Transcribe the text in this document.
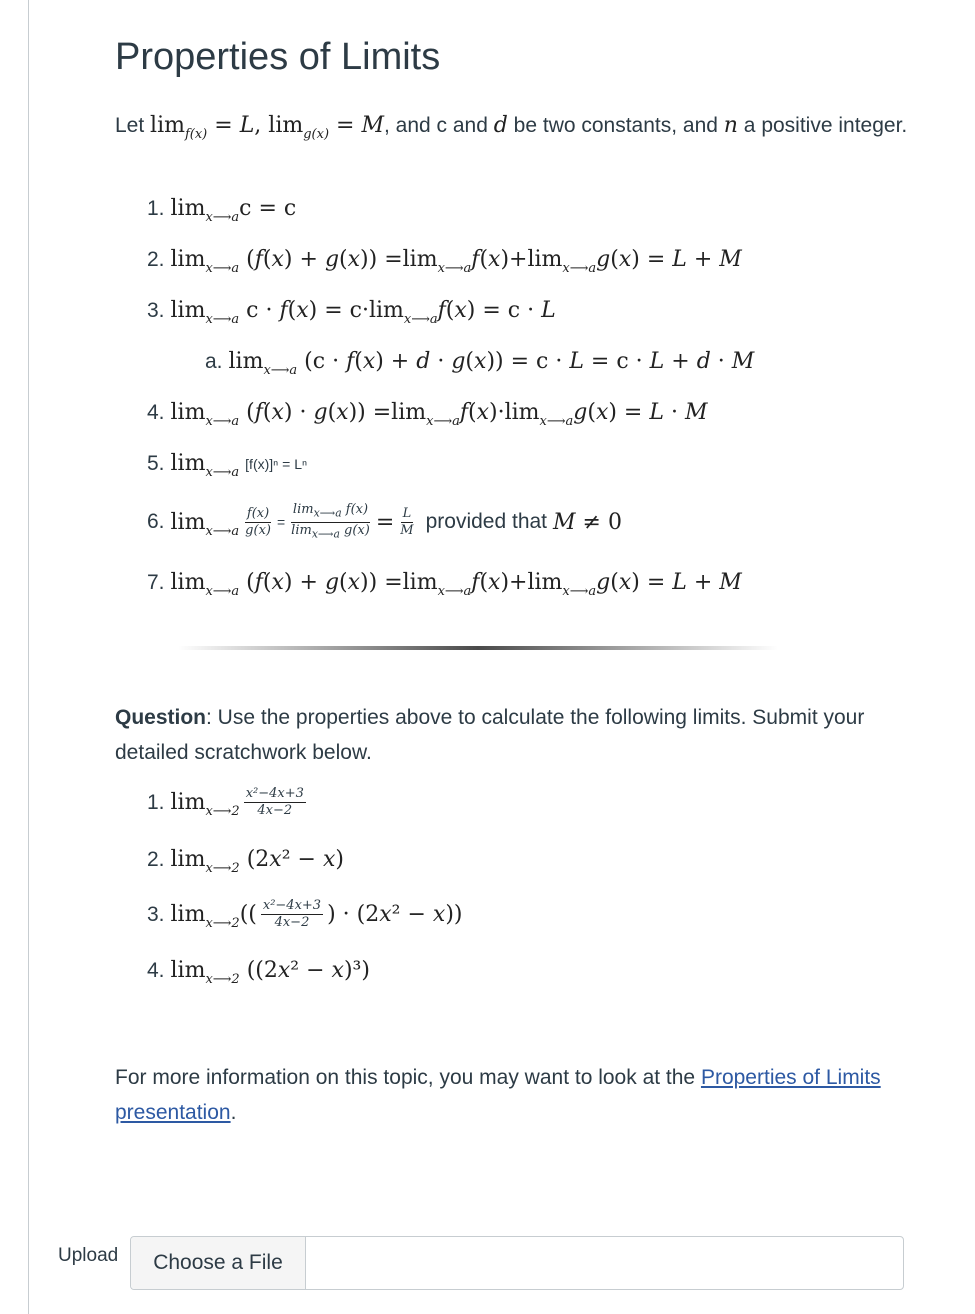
Properties of Limits

Let $\lim_{f(x)} = L$, $\lim_{g(x)} = M$, and c and d be two constants, and n a positive integer.

1. $\lim_{x⟶a}c = c$
2. $\lim_{x⟶a} (f(x) + g(x)) =\lim_{x⟶a}f(x)+\lim_{x⟶a}g(x) = L + M$
3. $\lim_{x⟶a} c \cdot f(x) = c\cdot\lim_{x⟶a}f(x) = c \cdot L$
a. $\lim_{x⟶a} (c \cdot f(x) + d \cdot g(x)) = c \cdot L = c \cdot L + d \cdot M$
4. $\lim_{x⟶a} (f(x) \cdot g(x)) =\lim_{x⟶a}f(x)\cdot\lim_{x⟶a}g(x) = L \cdot M$
5. $\lim_{x⟶a}$
[f(x)]ⁿ = Lⁿ
6. $\lim_{x⟶a} \frac{f(x)}{g(x)} = \frac{\lim_{x⟶a} f(x)}{\lim_{x⟶a} g(x)} = \frac{L}{M}$ provided that M ≠ 0
7. $\lim_{x⟶a} (f(x) + g(x)) =\lim_{x⟶a}f(x)+\lim_{x⟶a}g(x) = L + M$

Question: Use the properties above to calculate the following limits. Submit your detailed scratchwork below.

1. $\lim_{x⟶2} \frac{\text{x²−4x+3}}{4x-2}$
2. $\lim_{x⟶2} (2x^2 - x)$
3. $\lim_{x⟶2}(( \frac{\text{x²−4x+3}}{4x-2}$ ) · (2x² − x))
4. $\lim_{x⟶2} ((2x^2 - x)^3)$

For more information on this topic, you may want to look at the Properties of Limits presentation.

Upload	Choose a File
